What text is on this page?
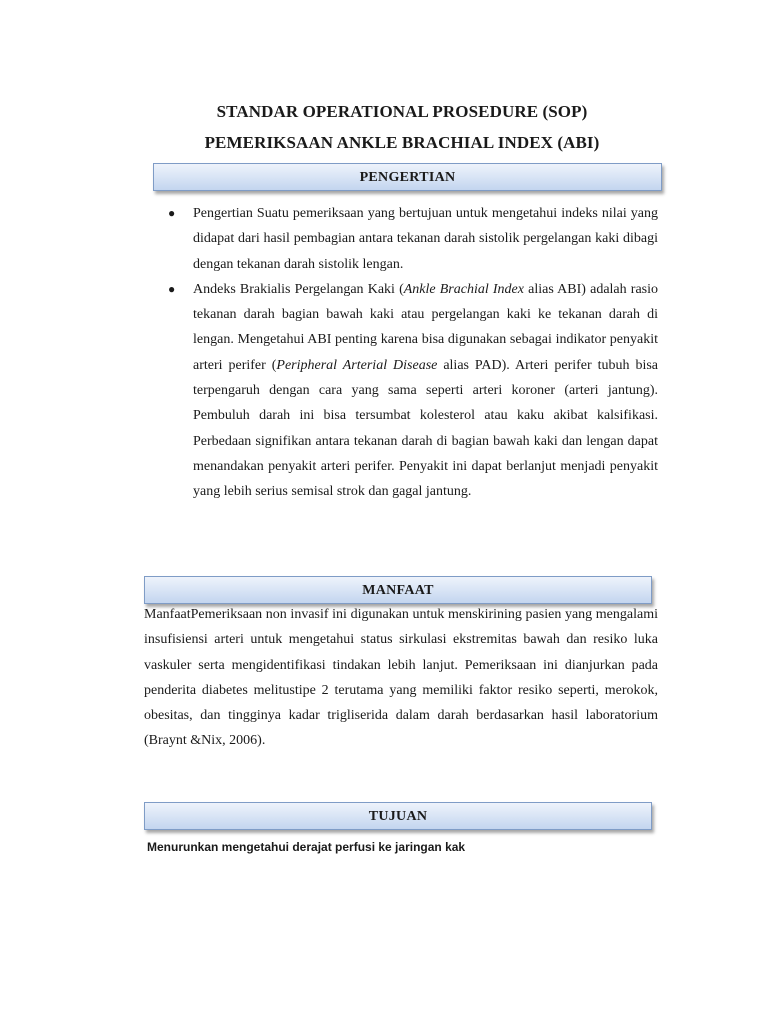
STANDAR OPERATIONAL PROSEDURE (SOP)
PEMERIKSAAN ANKLE BRACHIAL INDEX (ABI)
PENGERTIAN
● Pengertian Suatu pemeriksaan yang bertujuan untuk mengetahui indeks nilai yang didapat dari hasil pembagian antara tekanan darah sistolik pergelangan kaki dibagi dengan tekanan darah sistolik lengan.
● Andeks Brakialis Pergelangan Kaki (Ankle Brachial Index alias ABI) adalah rasio tekanan darah bagian bawah kaki atau pergelangan kaki ke tekanan darah di lengan. Mengetahui ABI penting karena bisa digunakan sebagai indikator penyakit arteri perifer (Peripheral Arterial Disease alias PAD). Arteri perifer tubuh bisa terpengaruh dengan cara yang sama seperti arteri koroner (arteri jantung). Pembuluh darah ini bisa tersumbat kolesterol atau kaku akibat kalsifikasi. Perbedaan signifikan antara tekanan darah di bagian bawah kaki dan lengan dapat menandakan penyakit arteri perifer. Penyakit ini dapat berlanjut menjadi penyakit yang lebih serius semisal strok dan gagal jantung.
MANFAAT

ManfaatPemeriksaan non invasif ini digunakan untuk menskirining pasien yang mengalami insufisiensi arteri untuk mengetahui status sirkulasi ekstremitas bawah dan resiko luka vaskuler serta mengidentifikasi tindakan lebih lanjut. Pemeriksaan ini dianjurkan pada penderita diabetes melitustipe 2 terutama yang memiliki faktor resiko seperti, merokok, obesitas, dan tingginya kadar trigliserida dalam darah berdasarkan hasil laboratorium (Braynt &Nix, 2006).

TUJUAN

Menurunkan mengetahui derajat perfusi ke jaringan kak
